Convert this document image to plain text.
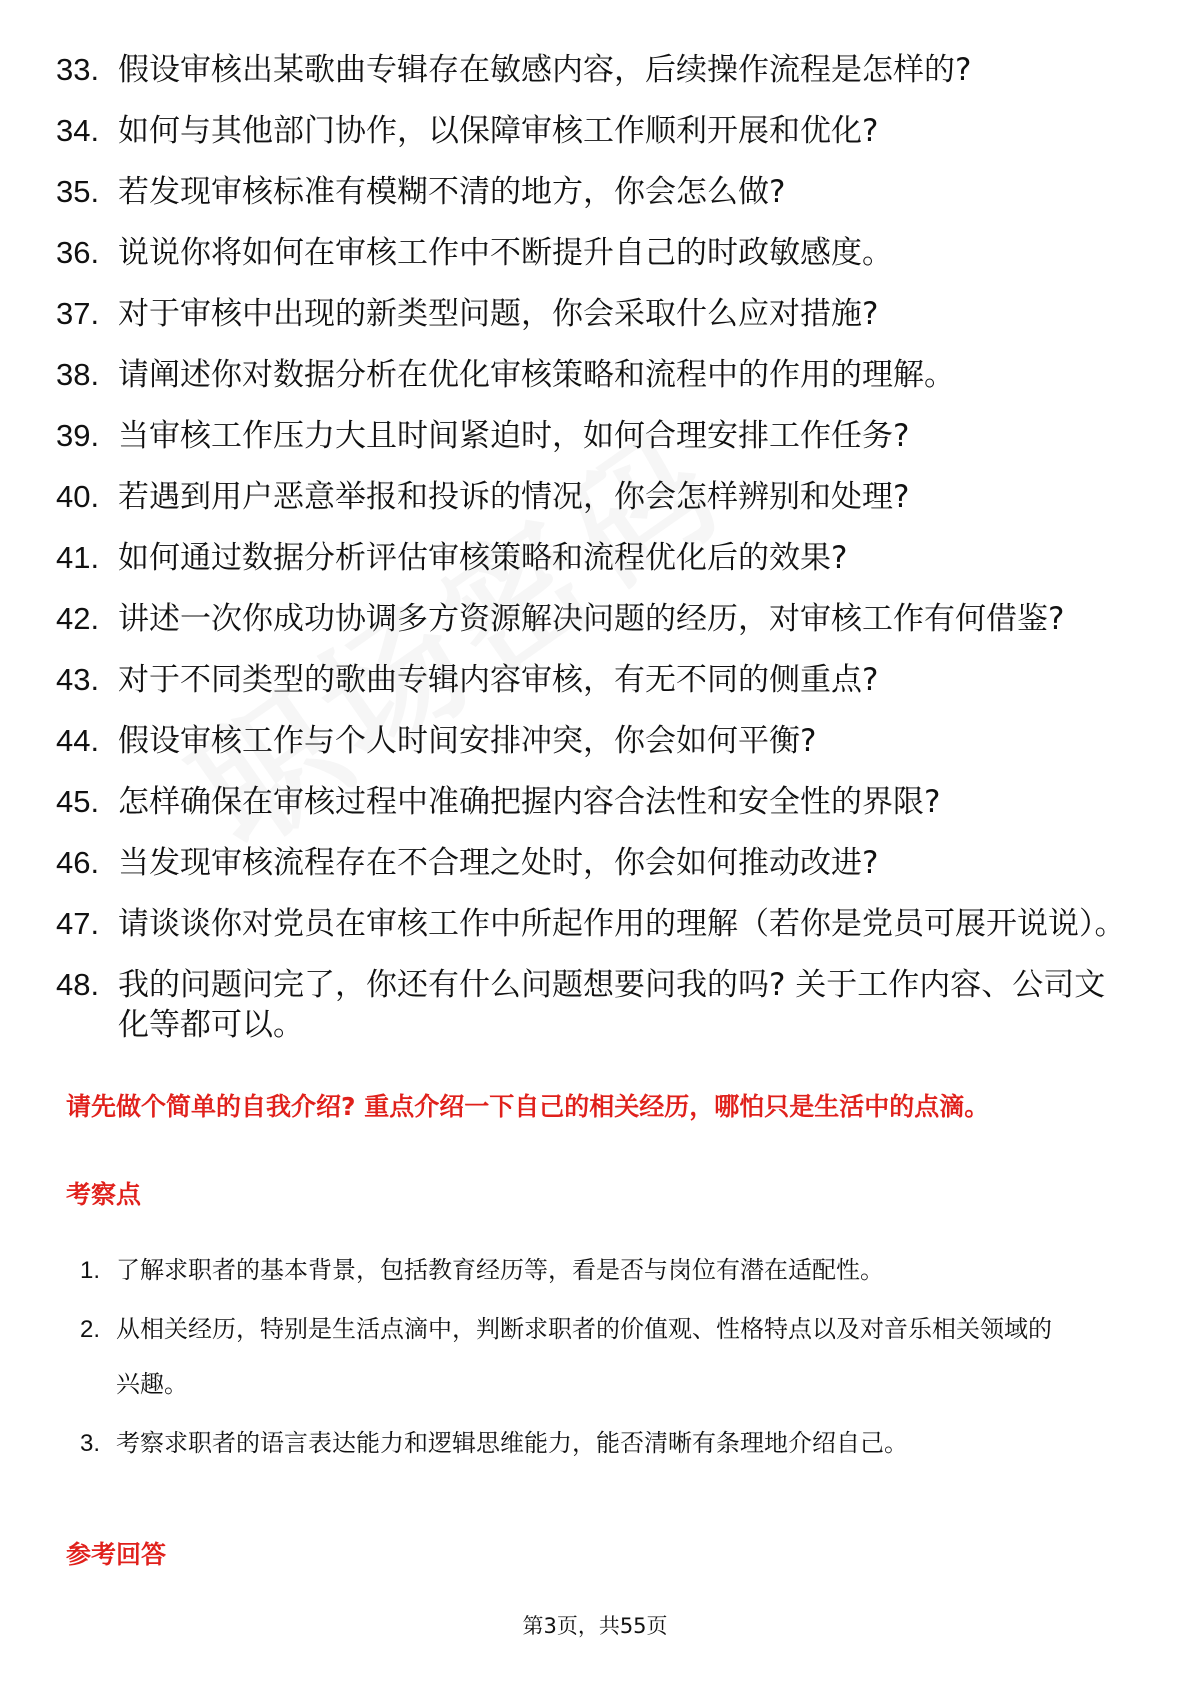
33. 假设审核出某歌曲专辑存在敏感内容，后续操作流程是怎样的?
34. 如何与其他部门协作，以保障审核工作顺利开展和优化?
35. 若发现审核标准有模糊不清的地方，你会怎么做?
36. 说说你将如何在审核工作中不断提升自己的时政敏感度。
37. 对于审核中出现的新类型问题，你会采取什么应对措施?
38. 请阐述你对数据分析在优化审核策略和流程中的作用的理解。
39. 当审核工作压力大且时间紧迫时，如何合理安排工作任务?
40. 若遇到用户恶意举报和投诉的情况，你会怎样辨别和处理?
41. 如何通过数据分析评估审核策略和流程优化后的效果?
42. 讲述一次你成功协调多方资源解决问题的经历，对审核工作有何借鉴?
43. 对于不同类型的歌曲专辑内容审核，有无不同的侧重点?
44. 假设审核工作与个人时间安排冲突，你会如何平衡?
45. 怎样确保在审核过程中准确把握内容合法性和安全性的界限?
46. 当发现审核流程存在不合理之处时，你会如何推动改进?
47. 请谈谈你对党员在审核工作中所起作用的理解（若你是党员可展开说说）。
48. 我的问题问完了，你还有什么问题想要问我的吗? 关于工作内容、公司文化等都可以。
请先做个简单的自我介绍? 重点介绍一下自己的相关经历，哪怕只是生活中的点滴。
考察点
1. 了解求职者的基本背景，包括教育经历等，看是否与岗位有潜在适配性。
2. 从相关经历，特别是生活点滴中，判断求职者的价值观、性格特点以及对音乐相关领域的兴趣。
3. 考察求职者的语言表达能力和逻辑思维能力，能否清晰有条理地介绍自己。
参考回答
第3页，共55页
